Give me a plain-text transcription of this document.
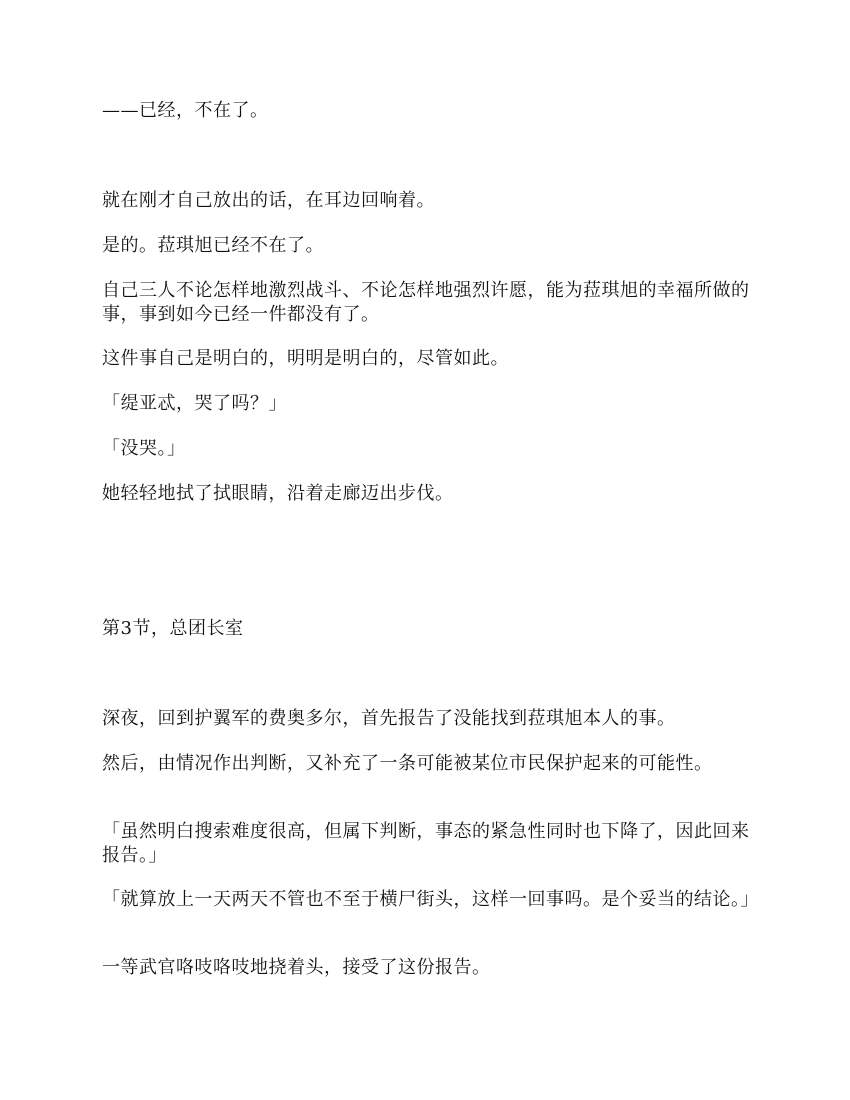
——已经，不在了。

就在刚才自己放出的话，在耳边回响着。

是的。菈琪旭已经不在了。

自己三人不论怎样地激烈战斗、不论怎样地强烈许愿，能为菈琪旭的幸福所做的事，事到如今已经一件都没有了。

这件事自己是明白的，明明是明白的，尽管如此。

「缇亚忒，哭了吗？」

「没哭。」

她轻轻地拭了拭眼睛，沿着走廊迈出步伐。

第3节，总团长室

深夜，回到护翼军的费奥多尔，首先报告了没能找到菈琪旭本人的事。

然后，由情况作出判断，又补充了一条可能被某位市民保护起来的可能性。

「虽然明白搜索难度很高，但属下判断，事态的紧急性同时也下降了，因此回来报告。」

「就算放上一天两天不管也不至于横尸街头，这样一回事吗。是个妥当的结论。」

一等武官咯吱咯吱地挠着头，接受了这份报告。
